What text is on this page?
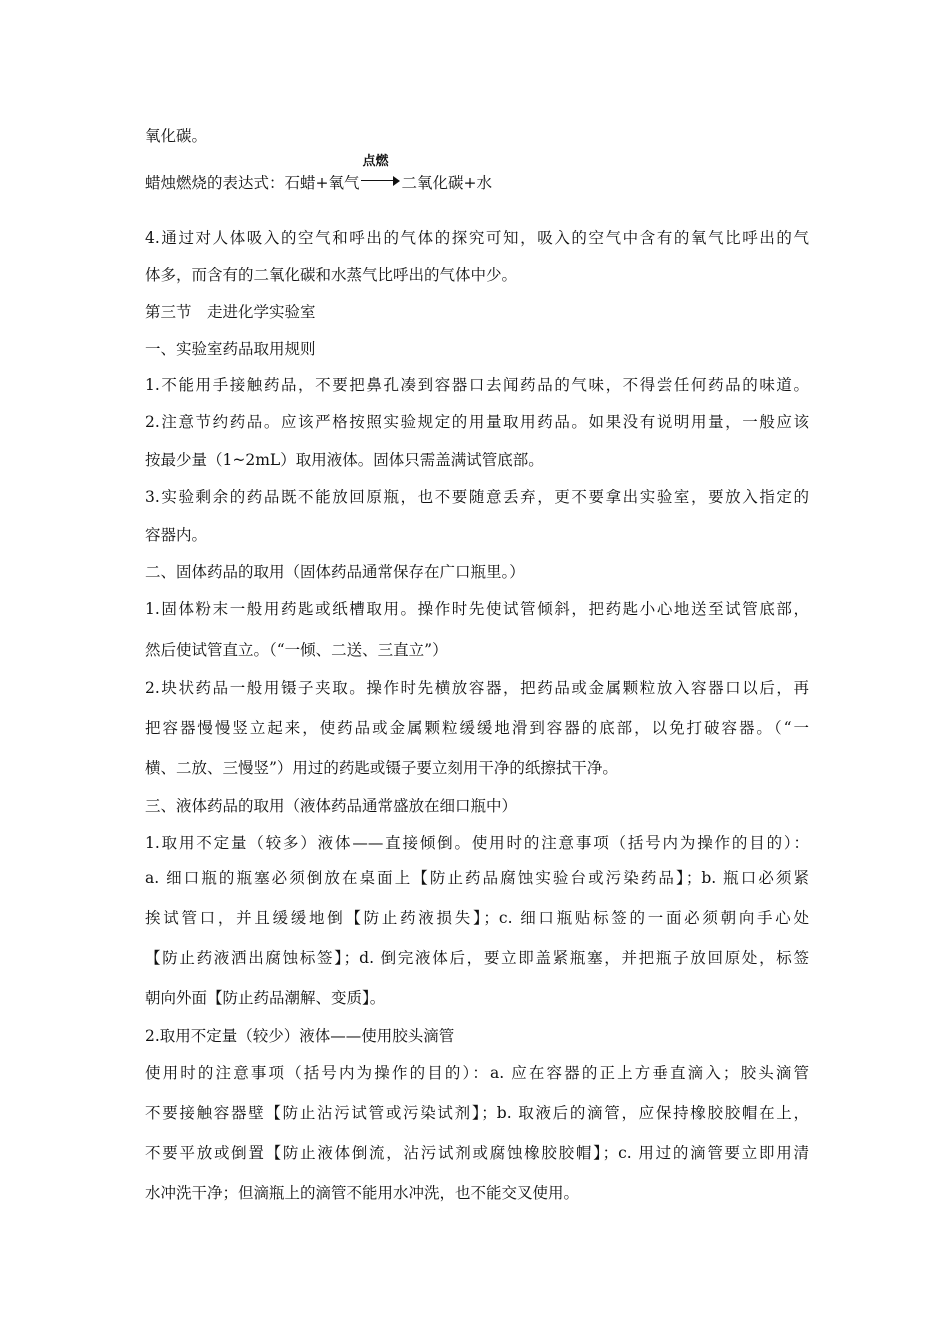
氧化碳。
蜡烛燃烧的表达式：石蜡+氧气
点燃
二氧化碳+水
4.通过对人体吸入的空气和呼出的气体的探究可知，吸入的空气中含有的氧气比呼出的气
体多，而含有的二氧化碳和水蒸气比呼出的气体中少。
第三节　走进化学实验室
一、实验室药品取用规则
1.不能用手接触药品，不要把鼻孔凑到容器口去闻药品的气味，不得尝任何药品的味道。
2.注意节约药品。应该严格按照实验规定的用量取用药品。如果没有说明用量，一般应该
按最少量（1~2mL）取用液体。固体只需盖满试管底部。
3.实验剩余的药品既不能放回原瓶，也不要随意丢弃，更不要拿出实验室，要放入指定的
容器内。
二、固体药品的取用（固体药品通常保存在广口瓶里。）
1.固体粉末一般用药匙或纸槽取用。操作时先使试管倾斜，把药匙小心地送至试管底部，
然后使试管直立。（“一倾、二送、三直立”）
2.块状药品一般用镊子夹取。操作时先横放容器，把药品或金属颗粒放入容器口以后，再
把容器慢慢竖立起来，使药品或金属颗粒缓缓地滑到容器的底部，以免打破容器。（“一
横、二放、三慢竖”）用过的药匙或镊子要立刻用干净的纸擦拭干净。
三、液体药品的取用（液体药品通常盛放在细口瓶中）
1.取用不定量（较多）液体——直接倾倒。使用时的注意事项（括号内为操作的目的）：
a. 细口瓶的瓶塞必须倒放在桌面上【防止药品腐蚀实验台或污染药品】；b. 瓶口必须紧
挨试管口，并且缓缓地倒【防止药液损失】；c. 细口瓶贴标签的一面必须朝向手心处
【防止药液洒出腐蚀标签】；d. 倒完液体后，要立即盖紧瓶塞，并把瓶子放回原处，标签
朝向外面【防止药品潮解、变质】。
2.取用不定量（较少）液体——使用胶头滴管
使用时的注意事项（括号内为操作的目的）：a. 应在容器的正上方垂直滴入；胶头滴管
不要接触容器壁【防止沾污试管或污染试剂】；b. 取液后的滴管，应保持橡胶胶帽在上，
不要平放或倒置【防止液体倒流，沾污试剂或腐蚀橡胶胶帽】；c. 用过的滴管要立即用清
水冲洗干净；但滴瓶上的滴管不能用水冲洗，也不能交叉使用。
